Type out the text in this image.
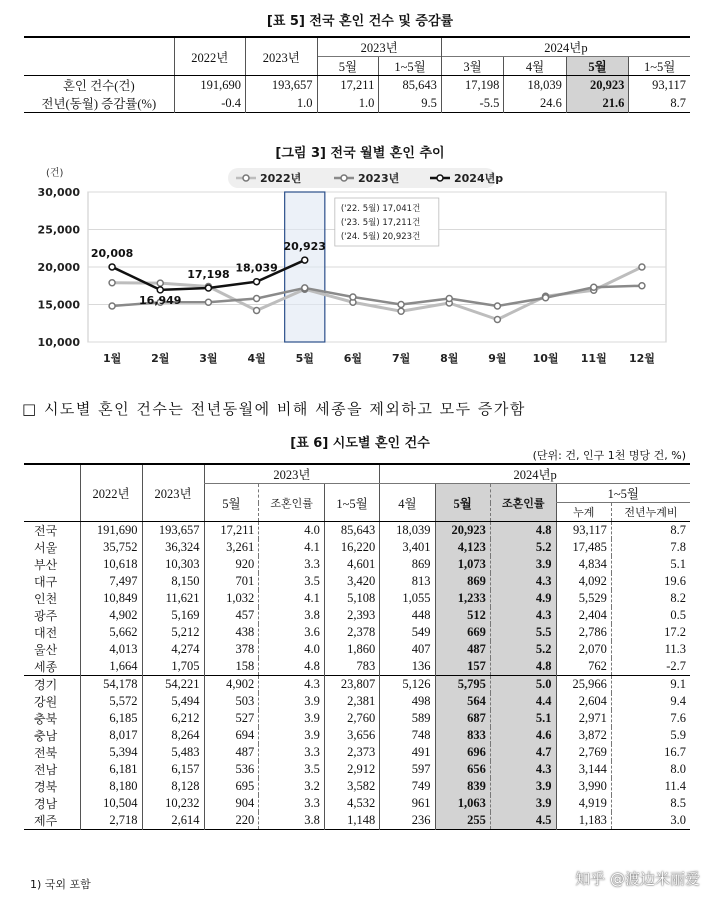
[표 5] 전국 혼인 건수 및 증감률
	2022년	2023년	2023년		2024년p			
			5월	1~5월	3월	4월	5월	1~5월
혼인 건수(건)	191,690	193,657	17,211	85,643	17,198	18,039	20,923	93,117
전년(동월) 증감률(%)	-0.4	1.0	1.0	9.5	-5.5	24.6	21.6	8.7
[그림 3] 전국 월별 혼인 추이
10,000
15,000
20,000
25,000
30,000
(건)
1월	2월	3월	4월	5월	6월	7월	8월	9월 10월 11월 12월
20,008
16,949
17,198 18,039
20,923
('22. 5월) 17,041건
('23. 5월) 17,211건
('24. 5월) 20,923건
2022년	2023년	2024년p
□ 시도별 혼인 건수는 전년동월에 비해 세종을 제외하고 모두 증가함
[표 6] 시도별 혼인 건수
(단위: 건, 인구 1천 명당 건, %)
	2022년	2023년	2023년			2024년p				
			5월	조혼인률	1~5월	4월	5월	조혼인률	1~5월	
									누계	전년누계비
전국	191,690	193,657	17,211	4.0	85,643	18,039	20,923	4.8	93,117	8.7
서울	35,752	36,324	3,261	4.1	16,220	3,401	4,123	5.2	17,485	7.8
부산	10,618	10,303	920	3.3	4,601	869	1,073	3.9	4,834	5.1
대구	7,497	8,150	701	3.5	3,420	813	869	4.3	4,092	19.6
인천	10,849	11,621	1,032	4.1	5,108	1,055	1,233	4.9	5,529	8.2
광주	4,902	5,169	457	3.8	2,393	448	512	4.3	2,404	0.5
대전	5,662	5,212	438	3.6	2,378	549	669	5.5	2,786	17.2
울산	4,013	4,274	378	4.0	1,860	407	487	5.2	2,070	11.3
세종	1,664	1,705	158	4.8	783	136	157	4.8	762	-2.7
경기	54,178	54,221	4,902	4.3	23,807	5,126	5,795	5.0	25,966	9.1
강원	5,572	5,494	503	3.9	2,381	498	564	4.4	2,604	9.4
충북	6,185	6,212	527	3.9	2,760	589	687	5.1	2,971	7.6
충남	8,017	8,264	694	3.9	3,656	748	833	4.6	3,872	5.9
전북	5,394	5,483	487	3.3	2,373	491	696	4.7	2,769	16.7
전남	6,181	6,157	536	3.5	2,912	597	656	4.3	3,144	8.0
경북	8,180	8,128	695	3.2	3,582	749	839	3.9	3,990	11.4
경남	10,504	10,232	904	3.3	4,532	961	1,063	3.9	4,919	8.5
제주	2,718	2,614	220	3.8	1,148	236	255	4.5	1,183	3.0
1) 국외 포함	知乎 @渡边米丽爱
